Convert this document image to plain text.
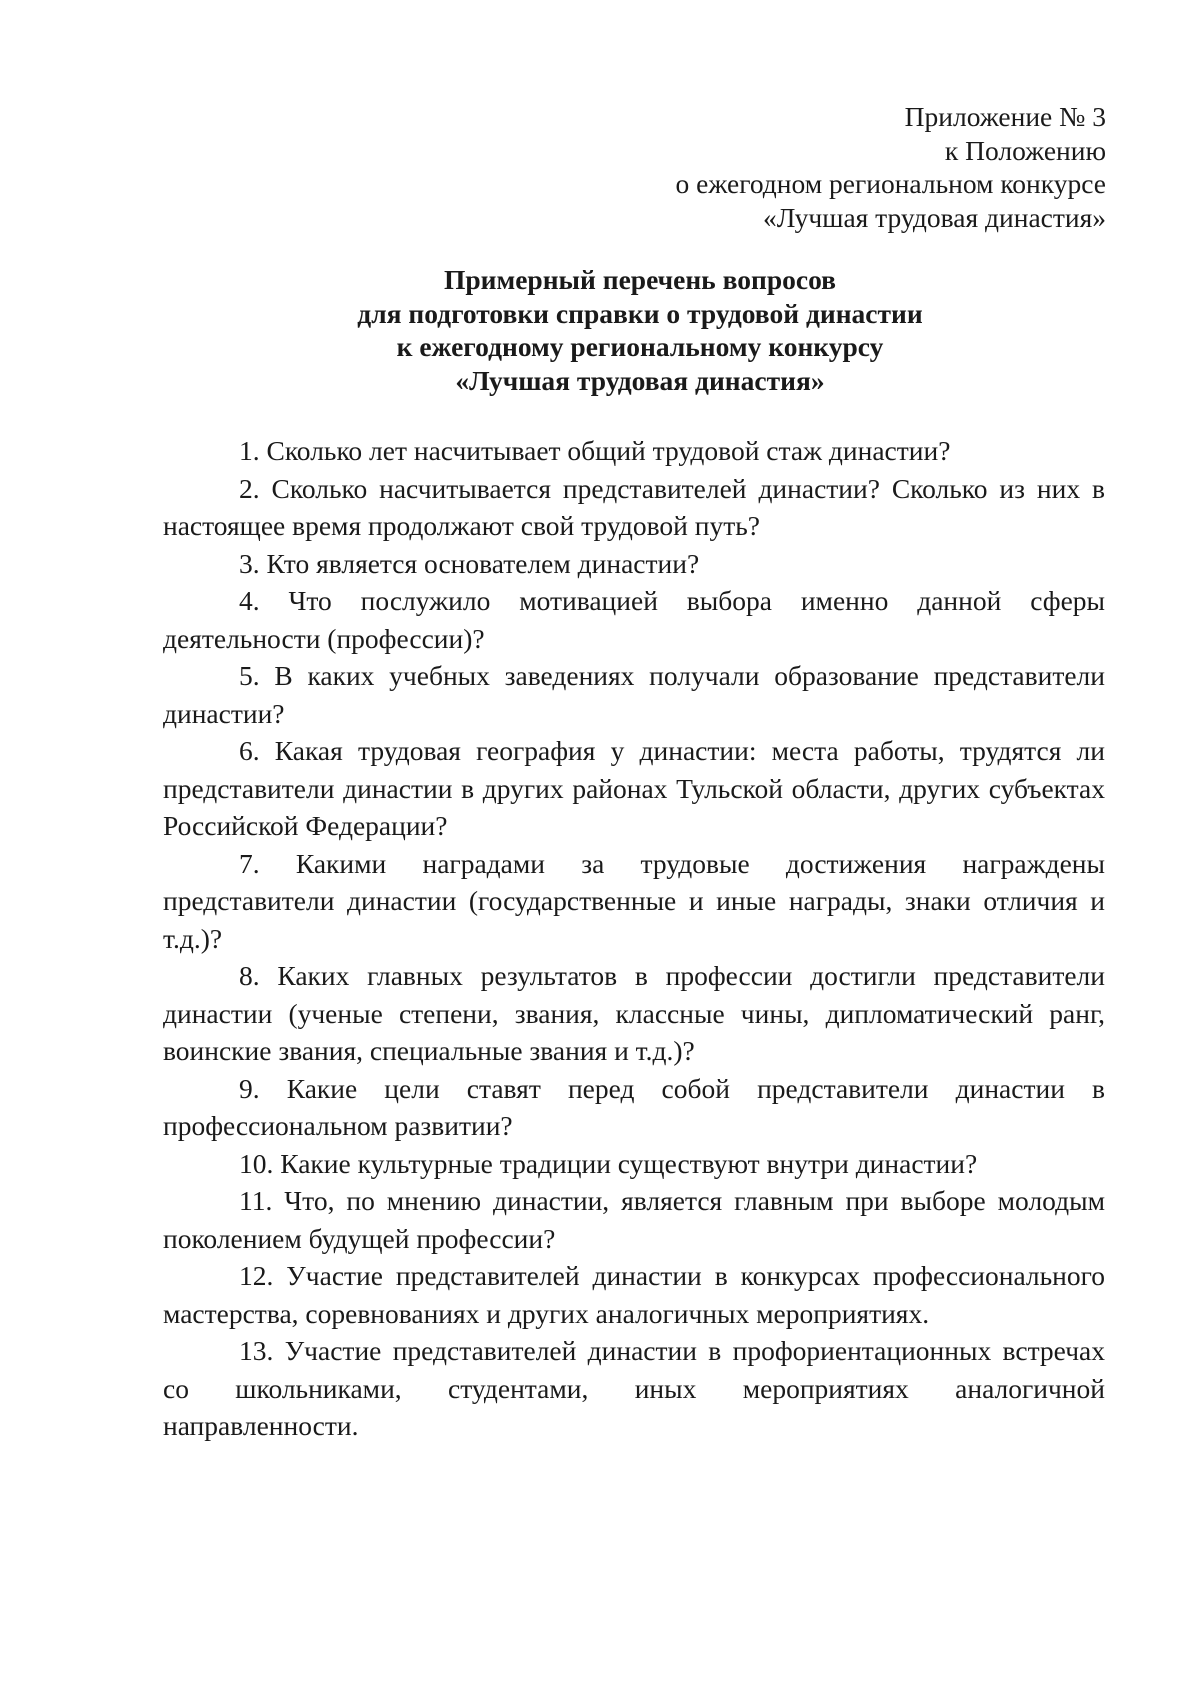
Приложение № 3
к Положению
о ежегодном региональном конкурсе
«Лучшая трудовая династия»
Примерный перечень вопросов
для подготовки справки о трудовой династии
к ежегодному региональному конкурсу
«Лучшая трудовая династия»

1. Сколько лет насчитывает общий трудовой стаж династии?

2. Сколько насчитывается представителей династии? Сколько из них в настоящее время продолжают свой трудовой путь?

3. Кто является основателем династии?

4. Что послужило мотивацией выбора именно данной сферы деятельности (профессии)?

5. В каких учебных заведениях получали образование представители династии?

6. Какая трудовая география у династии: места работы, трудятся ли представители династии в других районах Тульской области, других субъектах Российской Федерации?

7. Какими наградами за трудовые достижения награждены представители династии (государственные и иные награды, знаки отличия и т.д.)?

8. Каких главных результатов в профессии достигли представители династии (ученые степени, звания, классные чины, дипломатический ранг, воинские звания, специальные звания и т.д.)?

9. Какие цели ставят перед собой представители династии в профессиональном развитии?

10. Какие культурные традиции существуют внутри династии?

11. Что, по мнению династии, является главным при выборе молодым поколением будущей профессии?

12. Участие представителей династии в конкурсах профессионального мастерства, соревнованиях и других аналогичных мероприятиях.

13. Участие представителей династии в профориентационных встречах со школьниками, студентами, иных мероприятиях аналогичной направленности.
